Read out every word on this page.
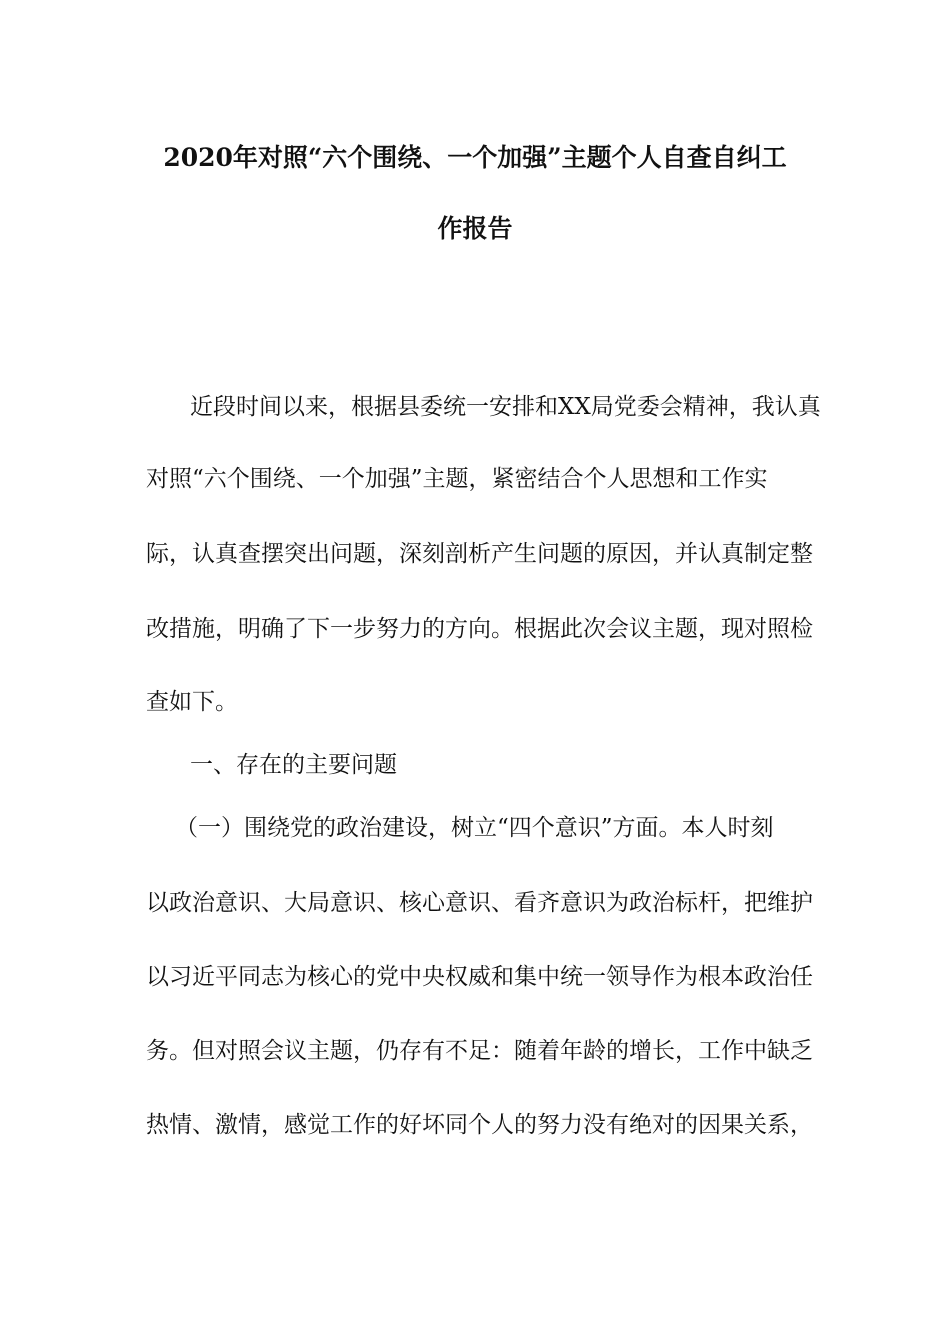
2020年对照“六个围绕、一个加强”主题个人自查自纠工
作报告
近段时间以来，根据县委统一安排和XX局党委会精神，我认真
对照“六个围绕、一个加强”主题，紧密结合个人思想和工作实
际，认真查摆突出问题，深刻剖析产生问题的原因，并认真制定整
改措施，明确了下一步努力的方向。根据此次会议主题，现对照检
查如下。
一、存在的主要问题
（一）围绕党的政治建设，树立“四个意识”方面。本人时刻
以政治意识、大局意识、核心意识、看齐意识为政治标杆，把维护
以习近平同志为核心的党中央权威和集中统一领导作为根本政治任
务。但对照会议主题，仍存有不足：随着年龄的增长，工作中缺乏
热情、激情，感觉工作的好坏同个人的努力没有绝对的因果关系，
